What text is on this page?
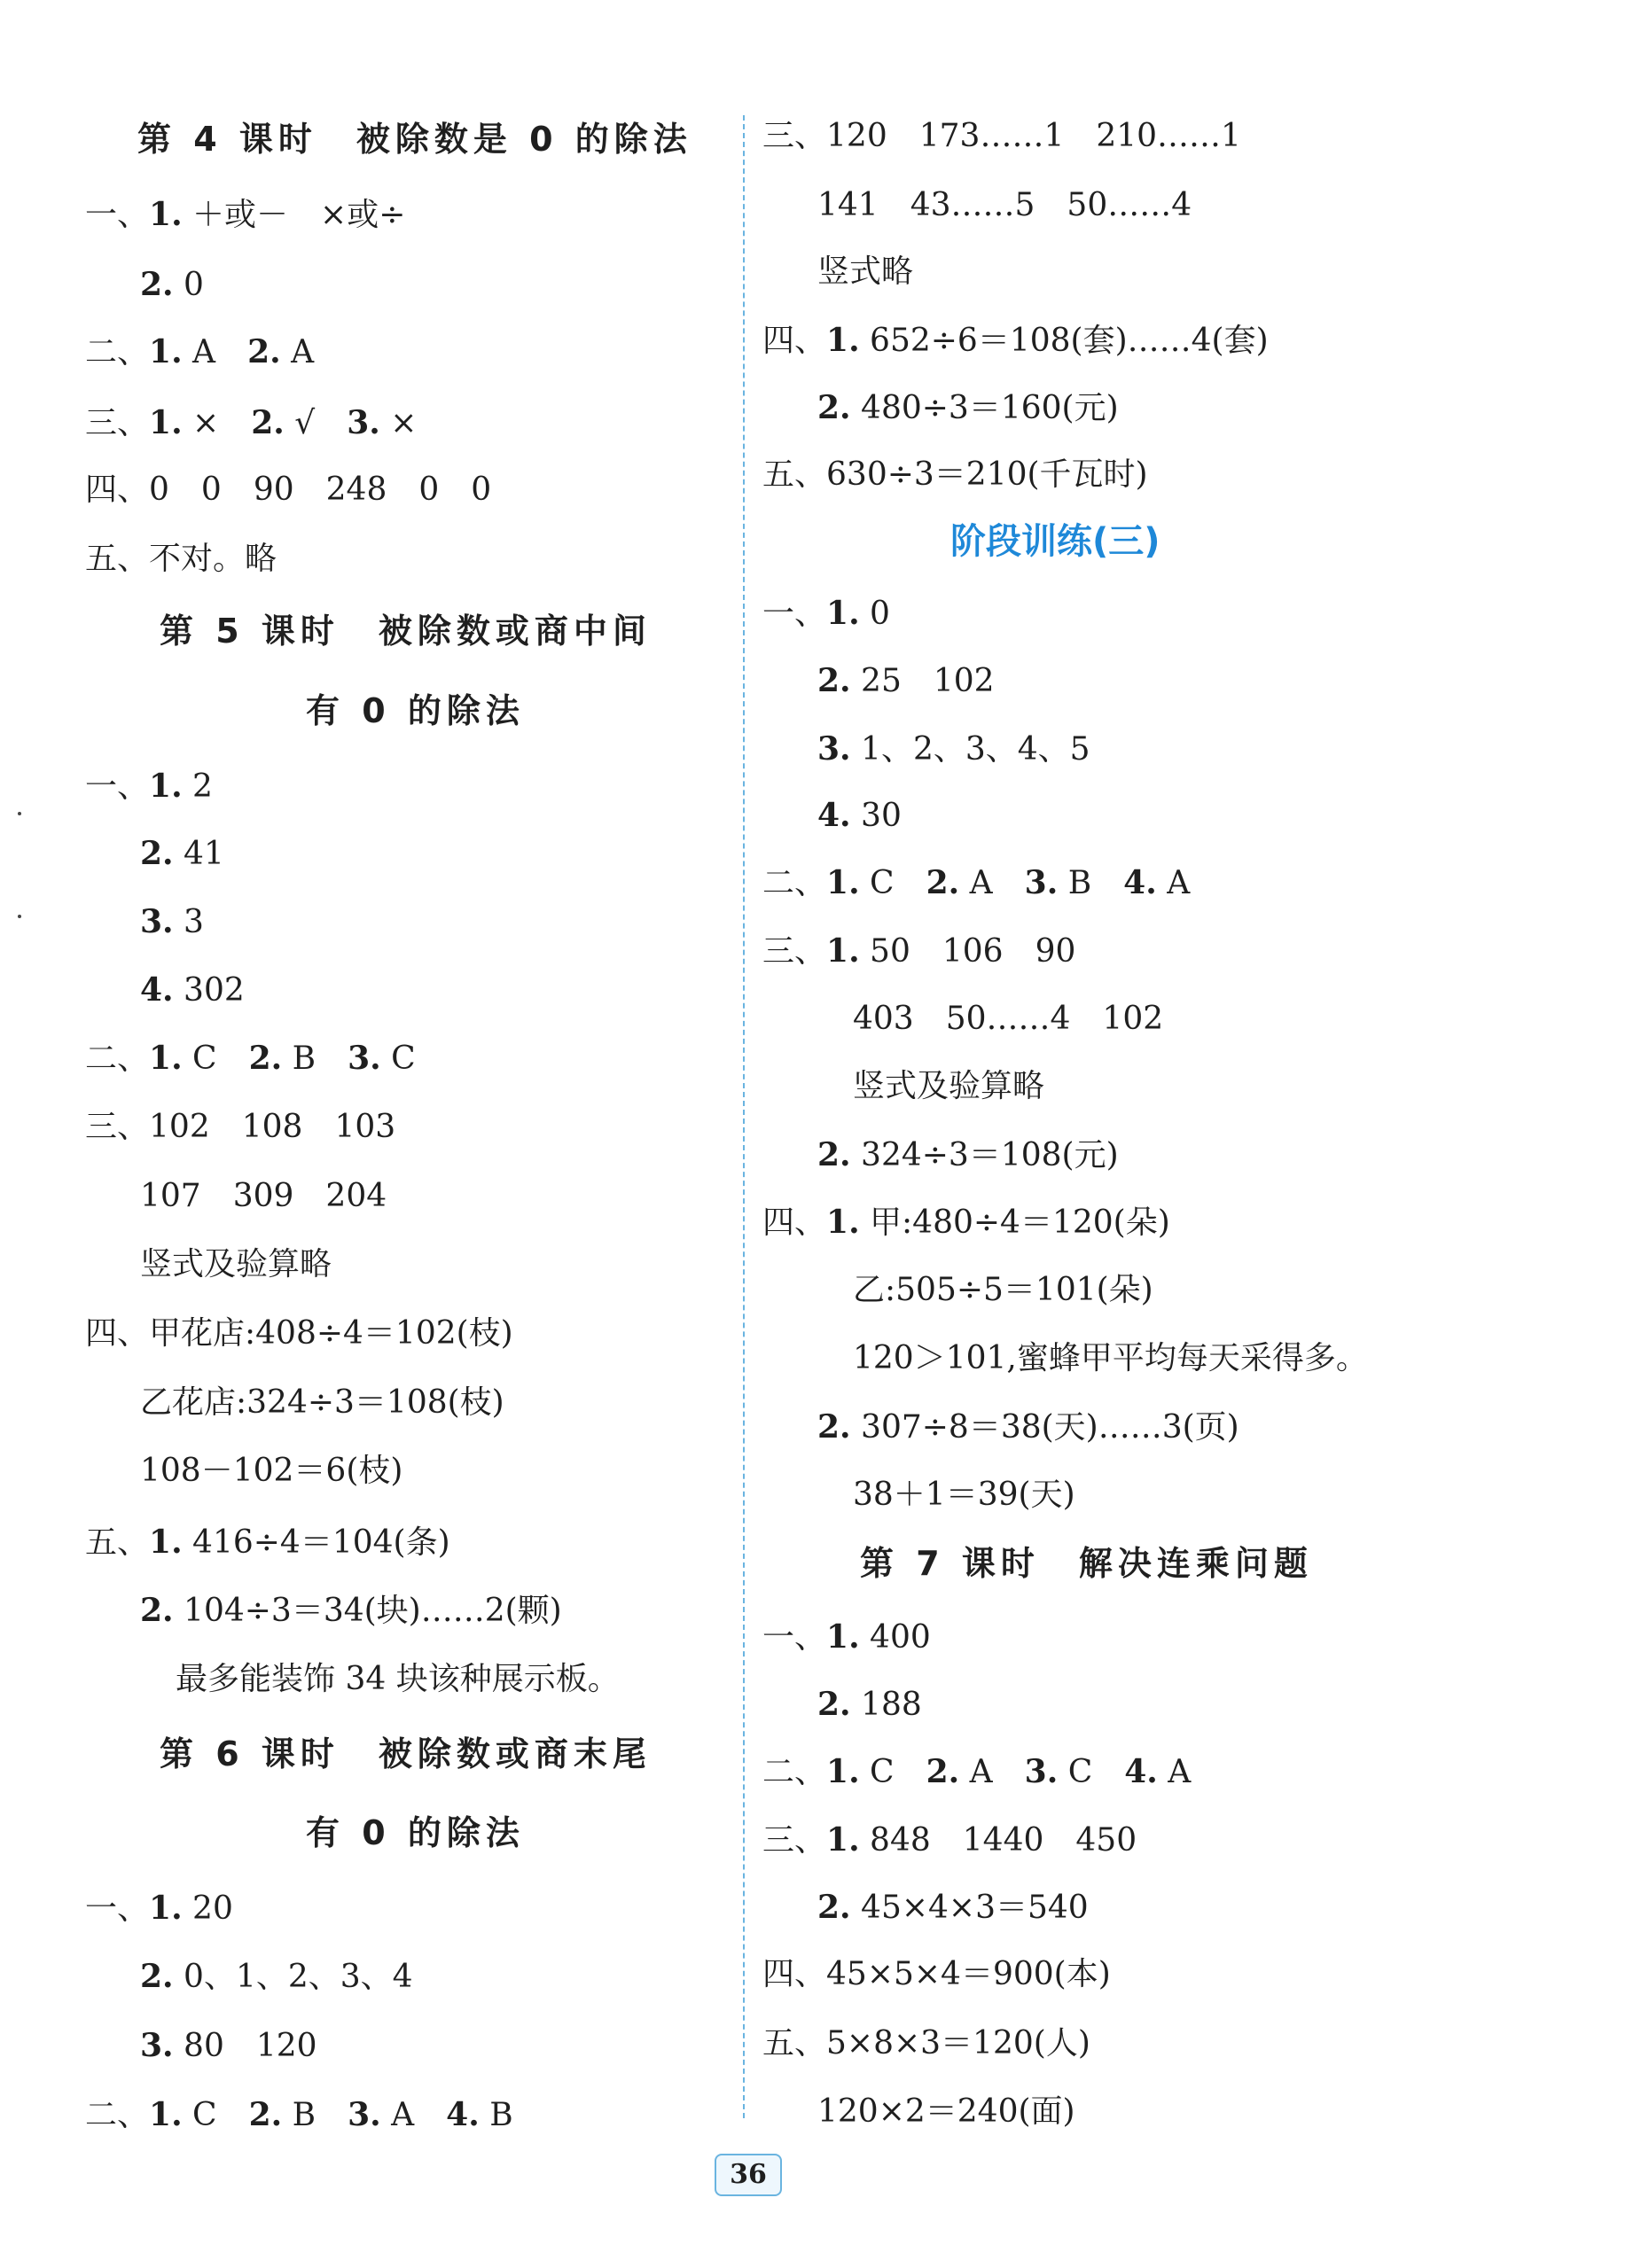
第 4 课时　被除数是 0 的除法
一、1. ＋或－　×或÷
2. 0
二、1. A　2. A
三、1. ×　2. √　3. ×
四、0　0　90　248　0　0
五、不对。略
第 5 课时　被除数或商中间
有 0 的除法
一、1. 2
2. 41
3. 3
4. 302
二、1. C　2. B　3. C
三、102　108　103
107　309　204
竖式及验算略
四、甲花店:408÷4＝102(枝)
乙花店:324÷3＝108(枝)
108－102＝6(枝)
五、1. 416÷4＝104(条)
2. 104÷3＝34(块)……2(颗)
最多能装饰 34 块该种展示板。
第 6 课时　被除数或商末尾
有 0 的除法
一、1. 20
2. 0、1、2、3、4
3. 80　120
二、1. C　2. B　3. A　4. B
三、120　173……1　210……1
141　43……5　50……4
竖式略
四、1. 652÷6＝108(套)……4(套)
2. 480÷3＝160(元)
五、630÷3＝210(千瓦时)
阶段训练(三)
一、1. 0
2. 25　102
3. 1、2、3、4、5
4. 30
二、1. C　2. A　3. B　4. A
三、1. 50　106　90
403　50……4　102
竖式及验算略
2. 324÷3＝108(元)
四、1. 甲:480÷4＝120(朵)
乙:505÷5＝101(朵)
120＞101,蜜蜂甲平均每天采得多。
2. 307÷8＝38(天)……3(页)
38＋1＝39(天)
第 7 课时　解决连乘问题
一、1. 400
2. 188
二、1. C　2. A　3. C　4. A
三、1. 848　1440　450
2. 45×4×3＝540
四、45×5×4＝900(本)
五、5×8×3＝120(人)
120×2＝240(面)
36
